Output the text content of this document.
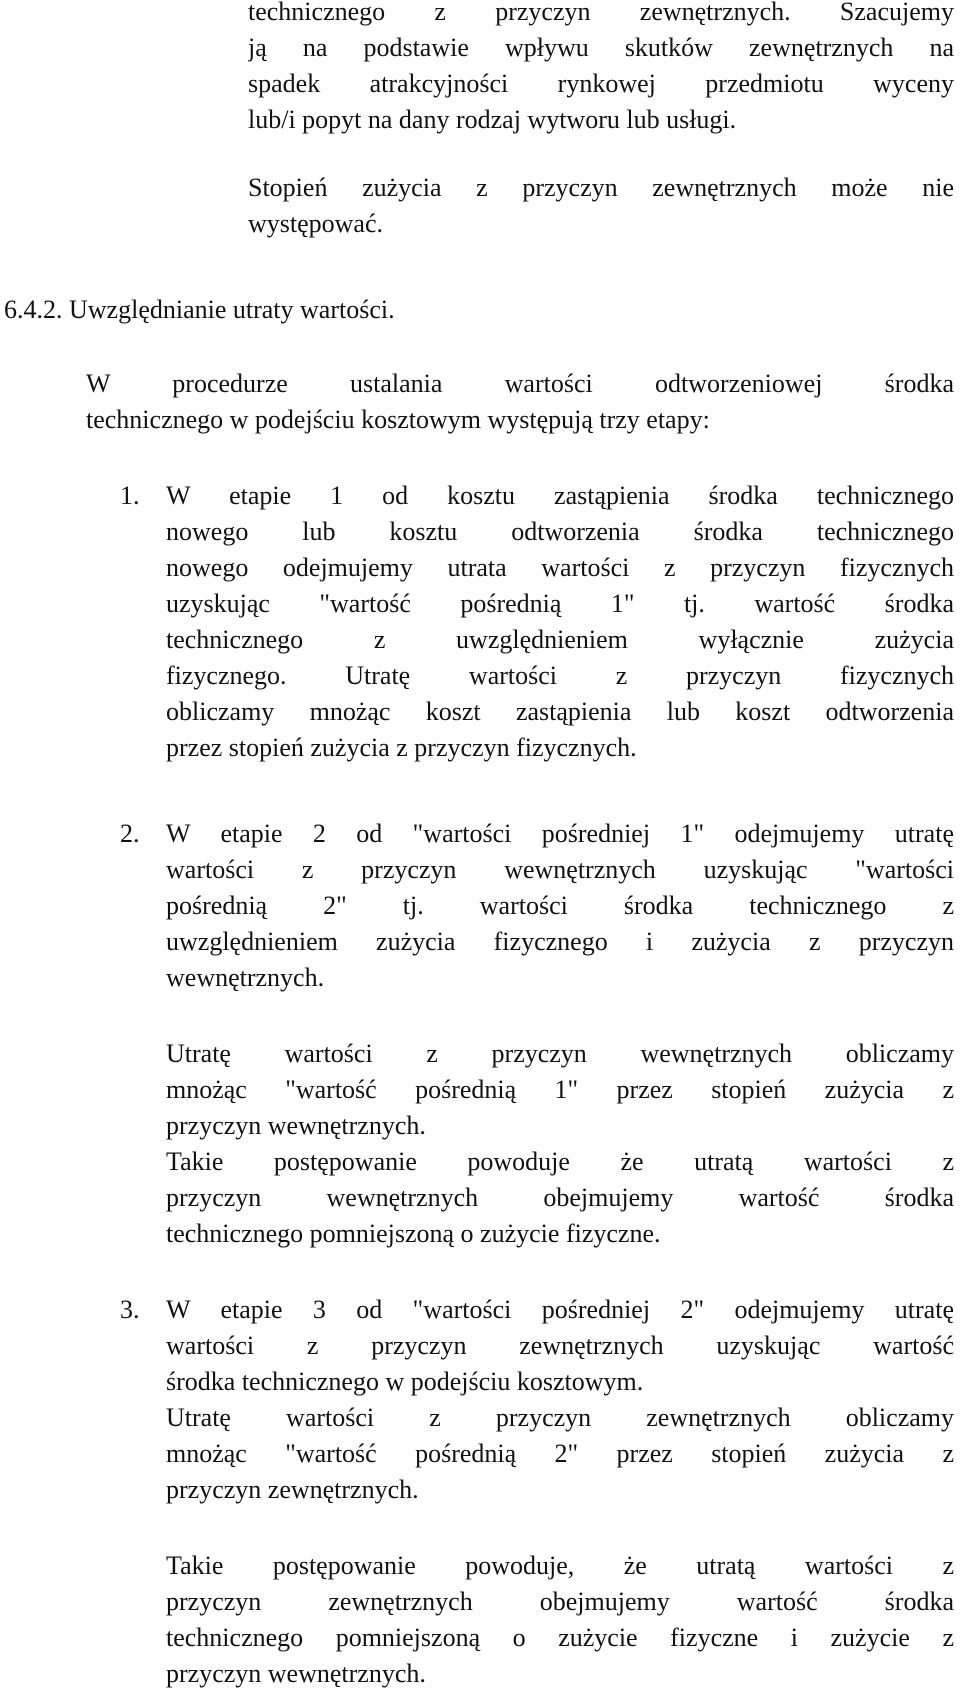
technicznego z przyczyn zewnętrznych. Szacujemy

ją na podstawie wpływu skutków zewnętrznych na

spadek atrakcyjności rynkowej przedmiotu wyceny

lub/i popyt na dany rodzaj wytworu lub usługi.

Stopień zużycia z przyczyn zewnętrznych może nie

występować.

6.4.2. Uwzględnianie utraty wartości.

W procedurze ustalania wartości odtworzeniowej środka

technicznego w podejściu kosztowym występują trzy etapy:

1. W etapie 1 od kosztu zastąpienia środka technicznego

nowego lub kosztu odtworzenia środka technicznego

nowego odejmujemy utrata wartości z przyczyn fizycznych

uzyskując "wartość pośrednią 1" tj. wartość środka

technicznego z uwzględnieniem wyłącznie zużycia

fizycznego. Utratę wartości z przyczyn fizycznych

obliczamy mnożąc koszt zastąpienia lub koszt odtworzenia

przez stopień zużycia z przyczyn fizycznych.

2. W etapie 2 od "wartości pośredniej 1" odejmujemy utratę

wartości z przyczyn wewnętrznych uzyskując "wartości

pośrednią 2" tj. wartości środka technicznego z

uwzględnieniem zużycia fizycznego i zużycia z przyczyn

wewnętrznych.

Utratę wartości z przyczyn wewnętrznych obliczamy

mnożąc "wartość pośrednią 1" przez stopień zużycia z

przyczyn wewnętrznych.

Takie postępowanie powoduje że utratą wartości z

przyczyn wewnętrznych obejmujemy wartość środka

technicznego pomniejszoną o zużycie fizyczne.

3. W etapie 3 od "wartości pośredniej 2" odejmujemy utratę

wartości z przyczyn zewnętrznych uzyskując wartość

środka technicznego w podejściu kosztowym.

Utratę wartości z przyczyn zewnętrznych obliczamy

mnożąc "wartość pośrednią 2" przez stopień zużycia z

przyczyn zewnętrznych.

Takie postępowanie powoduje, że utratą wartości z

przyczyn zewnętrznych obejmujemy wartość środka

technicznego pomniejszoną o zużycie fizyczne i zużycie z

przyczyn wewnętrznych.
